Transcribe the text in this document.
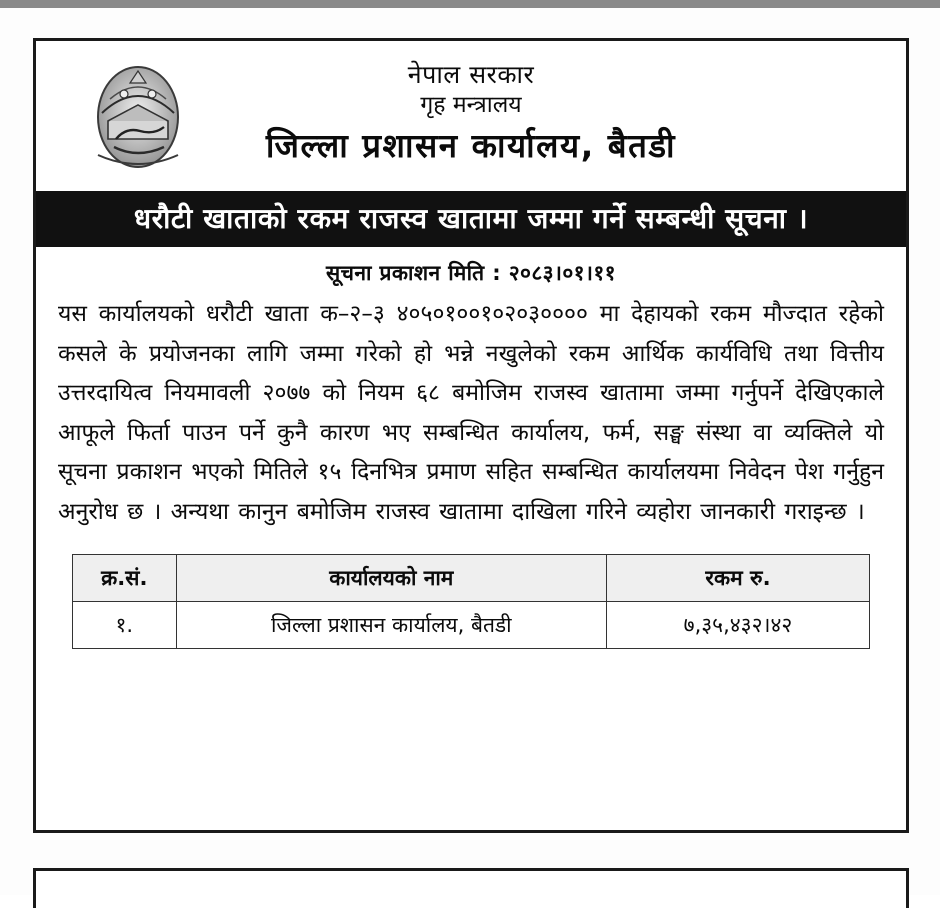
नेपाल सरकार
गृह मन्त्रालय
जिल्ला प्रशासन कार्यालय, बैतडी
धरौटी खाताको रकम राजस्व खातामा जम्मा गर्ने सम्बन्धी सूचना ।
सूचना प्रकाशन मिति : २०८३।०१।११
यस कार्यालयको धरौटी खाता क–२–३ ४०५०१००१०२०३०००० मा देहायको रकम मौज्दात रहेको कसले के प्रयोजनका लागि जम्मा गरेको हो भन्ने नखुलेको रकम आर्थिक कार्यविधि तथा वित्तीय उत्तरदायित्व नियमावली २०७७ को नियम ६८ बमोजिम राजस्व खातामा जम्मा गर्नुपर्ने देखिएकाले आफूले फिर्ता पाउन पर्ने कुनै कारण भए सम्बन्धित कार्यालय, फर्म, सङ्घ संस्था वा व्यक्तिले यो सूचना प्रकाशन भएको मितिले १५ दिनभित्र प्रमाण सहित सम्बन्धित कार्यालयमा निवेदन पेश गर्नुहुन अनुरोध छ । अन्यथा कानुन बमोजिम राजस्व खातामा दाखिला गरिने व्यहोरा जानकारी गराइन्छ ।
क्र.सं.	कार्यालयको नाम	रकम रु.
१.	जिल्ला प्रशासन कार्यालय, बैतडी	७,३५,४३२।४२
